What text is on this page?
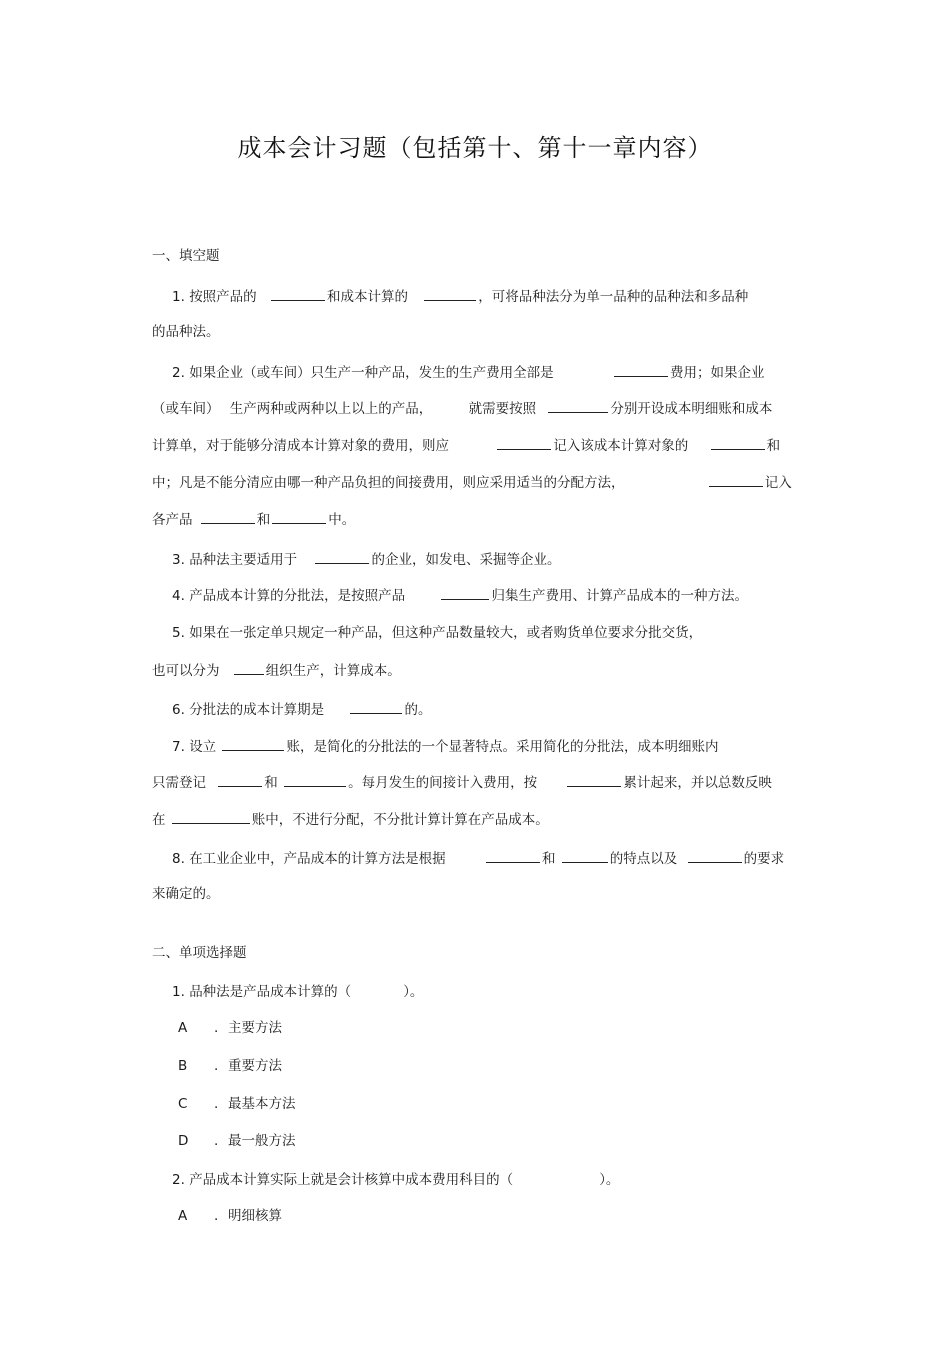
成本会计习题（包括第十、第十一章内容）
一、填空题
1. 按照产品的	和成本计算的	，可将品种法分为单一品种的品种法和多品种
的品种法。
2. 如果企业（或车间）只生产一种产品，发生的生产费用全部是	费用；如果企业
（或车间） 生产两种或两种以上以上的产品，	就需要按照	分别开设成本明细账和成本
计算单，对于能够分清成本计算对象的费用，则应	记入该成本计算对象的	和
中；凡是不能分清应由哪一种产品负担的间接费用，则应采用适当的分配方法，	记入
各产品	和	中。
3. 品种法主要适用于	的企业，如发电、采掘等企业。
4. 产品成本计算的分批法，是按照产品	归集生产费用、计算产品成本的一种方法。
5. 如果在一张定单只规定一种产品，但这种产品数量较大，或者购货单位要求分批交货，
也可以分为	组织生产，计算成本。
6. 分批法的成本计算期是	的。
7. 设立	账，是简化的分批法的一个显著特点。采用简化的分批法，成本明细账内
只需登记	和	。每月发生的间接计入费用，按	累计起来，并以总数反映
在	账中，不进行分配，不分批计算计算在产品成本。
8. 在工业企业中，产品成本的计算方法是根据	和	的特点以及	的要求
来确定的。
二、单项选择题
1. 品种法是产品成本计算的（	）。
A . 主要方法
B . 重要方法
C . 最基本方法
D . 最一般方法
2. 产品成本计算实际上就是会计核算中成本费用科目的（	）。
A . 明细核算
